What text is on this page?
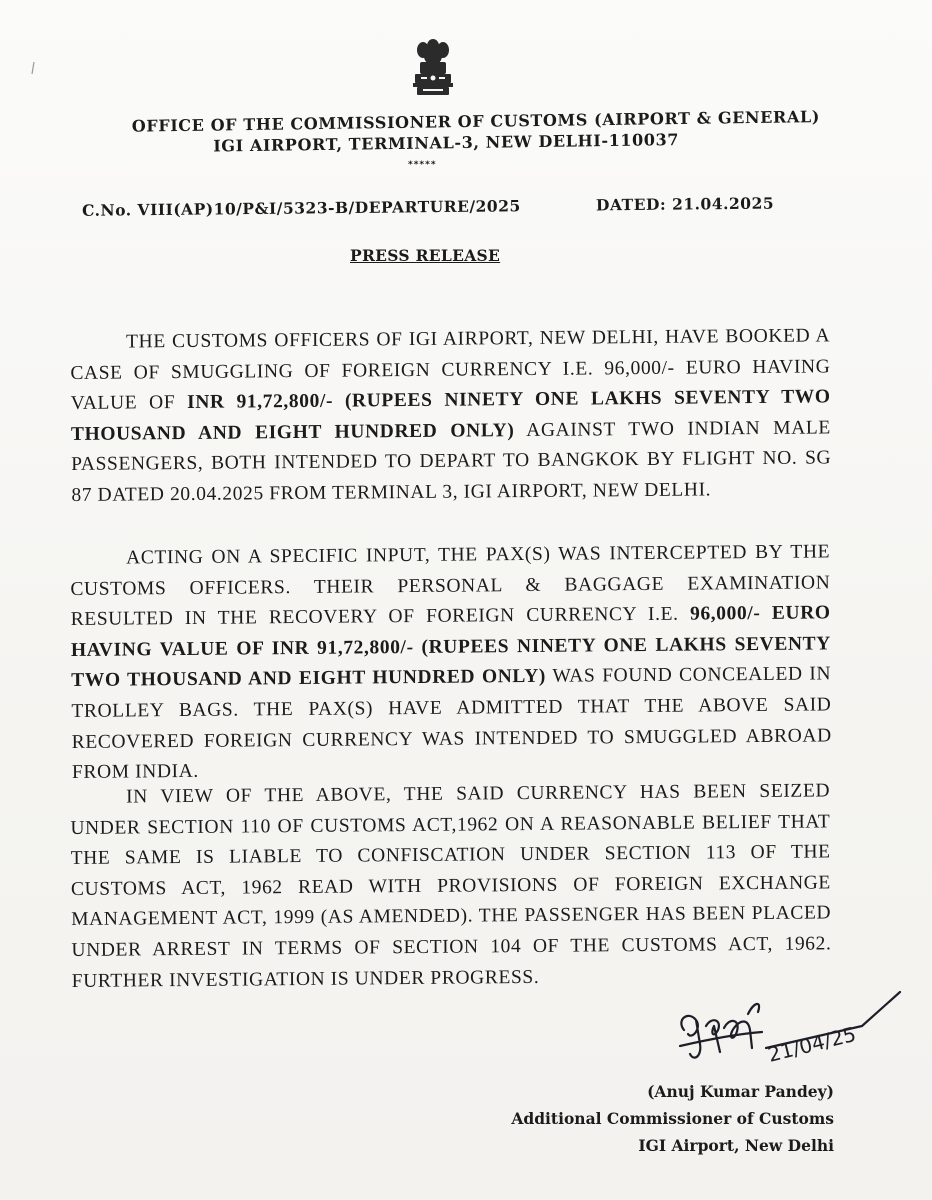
OFFICE OF THE COMMISSIONER OF CUSTOMS (AIRPORT & GENERAL)
IGI AIRPORT, TERMINAL-3, NEW DELHI-110037
*****
C.No. VIII(AP)10/P&I/5323-B/DEPARTURE/2025	DATED: 21.04.2025
PRESS RELEASE
THE CUSTOMS OFFICERS OF IGI AIRPORT, NEW DELHI, HAVE BOOKED A CASE OF SMUGGLING OF FOREIGN CURRENCY I.E. 96,000/- EURO HAVING VALUE OF INR 91,72,800/- (RUPEES NINETY ONE LAKHS SEVENTY TWO THOUSAND AND EIGHT HUNDRED ONLY) AGAINST TWO INDIAN MALE PASSENGERS, BOTH INTENDED TO DEPART TO BANGKOK BY FLIGHT NO. SG 87 DATED 20.04.2025 FROM TERMINAL 3, IGI AIRPORT, NEW DELHI.
ACTING ON A SPECIFIC INPUT, THE PAX(S) WAS INTERCEPTED BY THE CUSTOMS OFFICERS. THEIR PERSONAL & BAGGAGE EXAMINATION RESULTED IN THE RECOVERY OF FOREIGN CURRENCY I.E. 96,000/- EURO HAVING VALUE OF INR 91,72,800/- (RUPEES NINETY ONE LAKHS SEVENTY TWO THOUSAND AND EIGHT HUNDRED ONLY) WAS FOUND CONCEALED IN TROLLEY BAGS. THE PAX(S) HAVE ADMITTED THAT THE ABOVE SAID RECOVERED FOREIGN CURRENCY WAS INTENDED TO SMUGGLED ABROAD FROM INDIA.
IN VIEW OF THE ABOVE, THE SAID CURRENCY HAS BEEN SEIZED UNDER SECTION 110 OF CUSTOMS ACT,1962 ON A REASONABLE BELIEF THAT THE SAME IS LIABLE TO CONFISCATION UNDER SECTION 113 OF THE CUSTOMS ACT, 1962 READ WITH PROVISIONS OF FOREIGN EXCHANGE MANAGEMENT ACT, 1999 (AS AMENDED). THE PASSENGER HAS BEEN PLACED UNDER ARREST IN TERMS OF SECTION 104 OF THE CUSTOMS ACT, 1962. FURTHER INVESTIGATION IS UNDER PROGRESS.
21/04/25
(Anuj Kumar Pandey)
Additional Commissioner of Customs
IGI Airport, New Delhi
